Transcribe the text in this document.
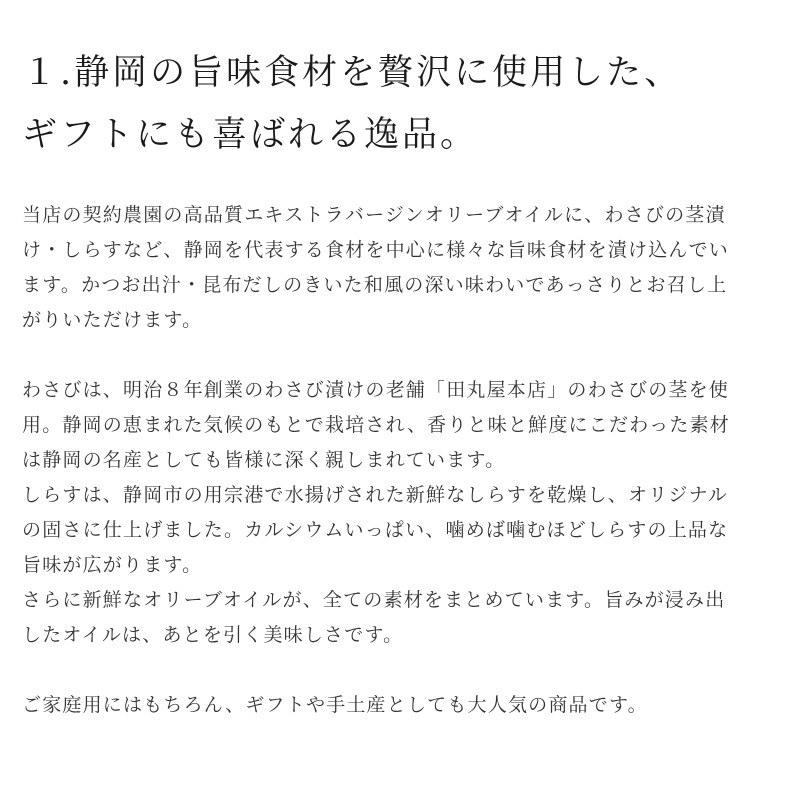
１.静岡の旨味食材を贅沢に使用した、
ギフトにも喜ばれる逸品。
当店の契約農園の高品質エキストラバージンオリーブオイルに、わさびの茎漬
け・しらすなど、静岡を代表する食材を中心に様々な旨味食材を漬け込んでい
ます。かつお出汁・昆布だしのきいた和風の深い味わいであっさりとお召し上
がりいただけます。
わさびは、明治８年創業のわさび漬けの老舗「田丸屋本店」のわさびの茎を使
用。静岡の恵まれた気候のもとで栽培され、香りと味と鮮度にこだわった素材
は静岡の名産としても皆様に深く親しまれています。
しらすは、静岡市の用宗港で水揚げされた新鮮なしらすを乾燥し、オリジナル
の固さに仕上げました。カルシウムいっぱい、噛めば噛むほどしらすの上品な
旨味が広がります。
さらに新鮮なオリーブオイルが、全ての素材をまとめています。旨みが浸み出
したオイルは、あとを引く美味しさです。
ご家庭用にはもちろん、ギフトや手土産としても大人気の商品です。
